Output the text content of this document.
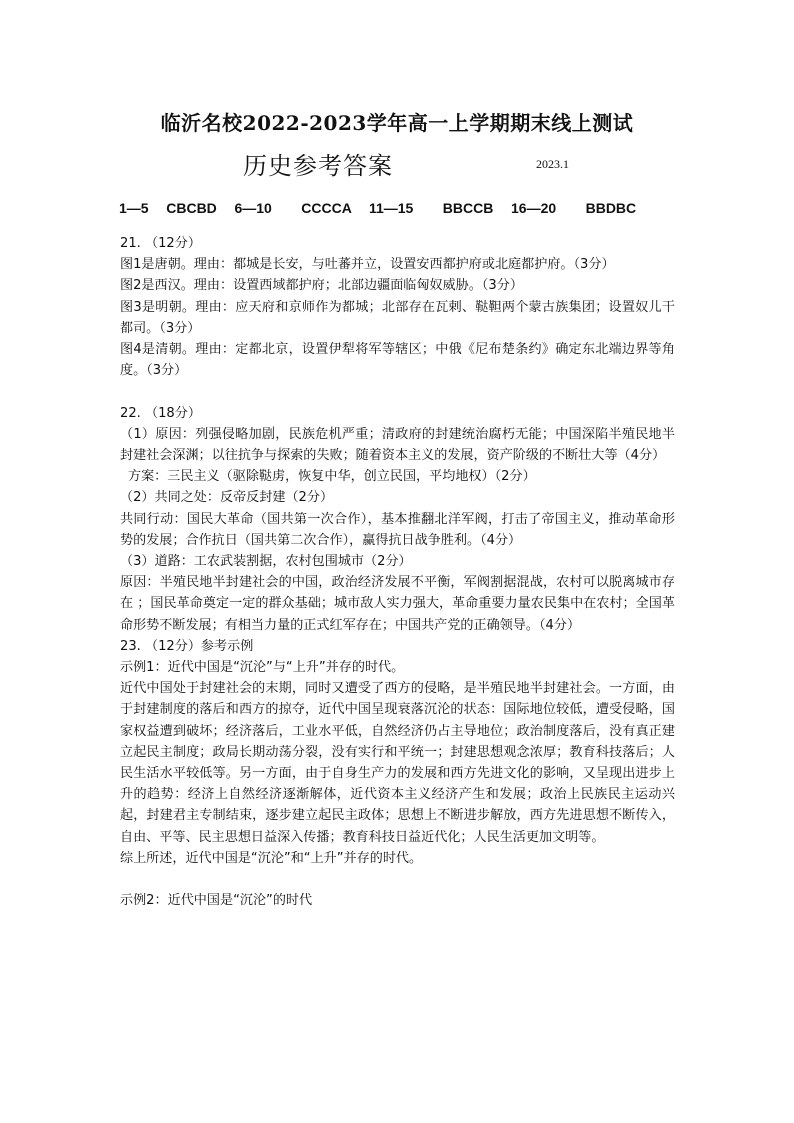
临沂名校2022-2023学年高一上学期期末线上测试
历史参考答案	2023.1
1—5   CBCBD   6—10     CCCCA   11—15     BBCCB   16—20     BBDBC

21. （12分）

图1是唐朝。理由：都城是长安，与吐蕃并立，设置安西都护府或北庭都护府。（3分）

图2是西汉。理由：设置西域都护府；北部边疆面临匈奴威胁。（3分）

图3是明朝。理由：应天府和京师作为都城；北部存在瓦剌、鞑靼两个蒙古族集团；设置奴儿干都司。（3分）

图4是清朝。理由：定都北京，设置伊犁将军等辖区；中俄《尼布楚条约》确定东北端边界等角度。（3分）

22. （18分）

（1）原因：列强侵略加剧，民族危机严重；清政府的封建统治腐朽无能；中国深陷半殖民地半封建社会深渊；以往抗争与探索的失败；随着资本主义的发展，资产阶级的不断壮大等（4分）

方案：三民主义（驱除鞑虏，恢复中华，创立民国，平均地权）（2分）

（2）共同之处：反帝反封建（2分）

共同行动：国民大革命（国共第一次合作），基本推翻北洋军阀，打击了帝国主义，推动革命形势的发展；合作抗日（国共第二次合作），赢得抗日战争胜利。（4分）

（3）道路：工农武装割据，农村包围城市（2分）

原因：半殖民地半封建社会的中国，政治经济发展不平衡，军阀割据混战，农村可以脱离城市存在 ；国民革命奠定一定的群众基础；城市敌人实力强大，革命重要力量农民集中在农村；全国革命形势不断发展；有相当力量的正式红军存在；中国共产党的正确领导。（4分）

23. （12分）参考示例

示例1：近代中国是“沉沦”与“上升”并存的时代。

近代中国处于封建社会的末期，同时又遭受了西方的侵略，是半殖民地半封建社会。一方面，由于封建制度的落后和西方的掠夺，近代中国呈现衰落沉沦的状态：国际地位较低，遭受侵略，国家权益遭到破坏；经济落后，工业水平低，自然经济仍占主导地位；政治制度落后，没有真正建立起民主制度；政局长期动荡分裂，没有实行和平统一；封建思想观念浓厚；教育科技落后；人民生活水平较低等。另一方面，由于自身生产力的发展和西方先进文化的影响，又呈现出进步上升的趋势：经济上自然经济逐渐解体，近代资本主义经济产生和发展；政治上民族民主运动兴起，封建君主专制结束，逐步建立起民主政体；思想上不断进步解放，西方先进思想不断传入，自由、平等、民主思想日益深入传播；教育科技日益近代化；人民生活更加文明等。

综上所述，近代中国是“沉沦”和“上升”并存的时代。

示例2：近代中国是“沉沦”的时代
